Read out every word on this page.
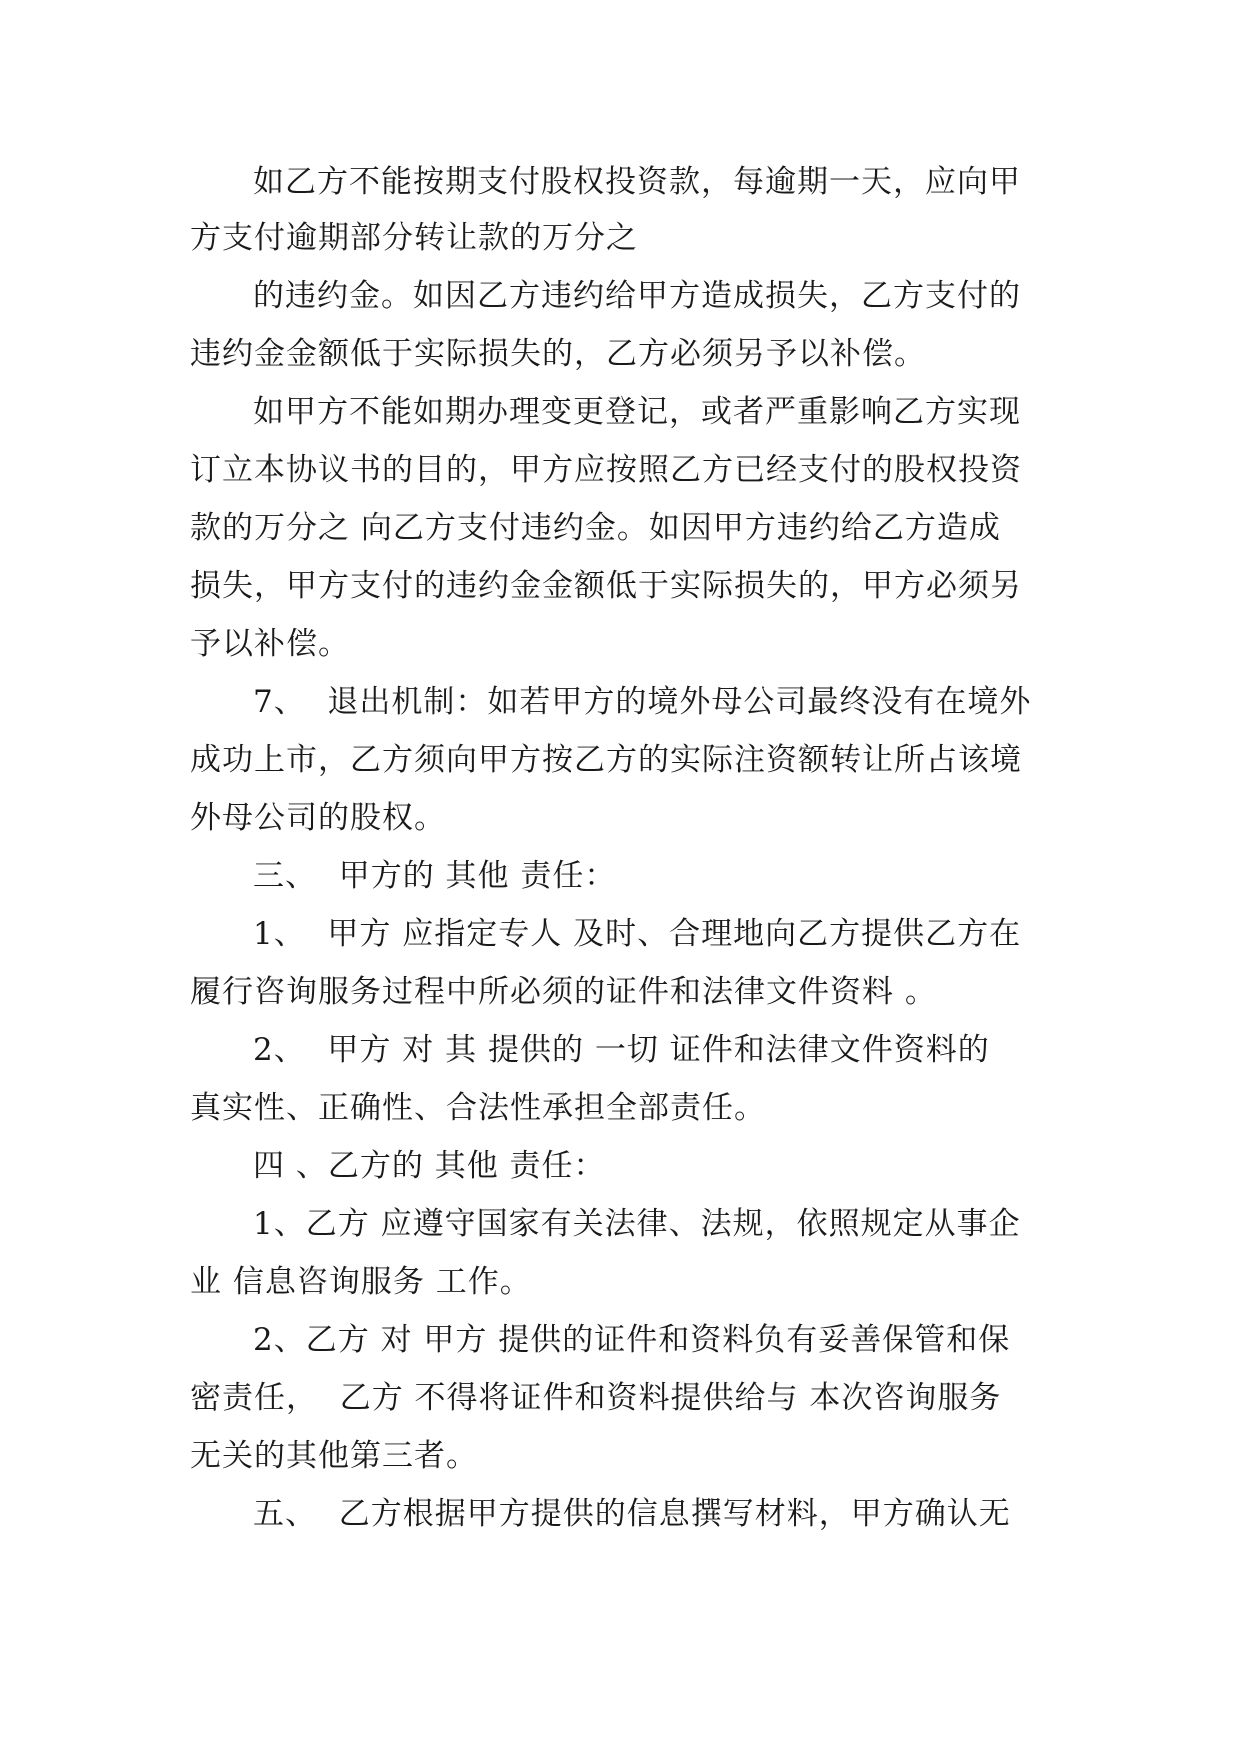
如乙方不能按期支付股权投资款，每逾期一天，应向甲
方支付逾期部分转让款的万分之
的违约金。如因乙方违约给甲方造成损失，乙方支付的
违约金金额低于实际损失的，乙方必须另予以补偿。
如甲方不能如期办理变更登记，或者严重影响乙方实现
订立本协议书的目的，甲方应按照乙方已经支付的股权投资
款的万分之 向乙方支付违约金。如因甲方违约给乙方造成
损失，甲方支付的违约金金额低于实际损失的，甲方必须另
予以补偿。
7、  退出机制：如若甲方的境外母公司最终没有在境外
成功上市，乙方须向甲方按乙方的实际注资额转让所占该境
外母公司的股权。
三、  甲方的 其他 责任：
1、  甲方 应指定专人 及时、合理地向乙方提供乙方在
履行咨询服务过程中所必须的证件和法律文件资料 。
2、  甲方 对 其 提供的 一切 证件和法律文件资料的
真实性、正确性、合法性承担全部责任。
四 、乙方的 其他 责任：
1、乙方 应遵守国家有关法律、法规，依照规定从事企
业 信息咨询服务 工作。
2、乙方 对 甲方 提供的证件和资料负有妥善保管和保
密责任，  乙方 不得将证件和资料提供给与 本次咨询服务
无关的其他第三者。
五、  乙方根据甲方提供的信息撰写材料，甲方确认无
